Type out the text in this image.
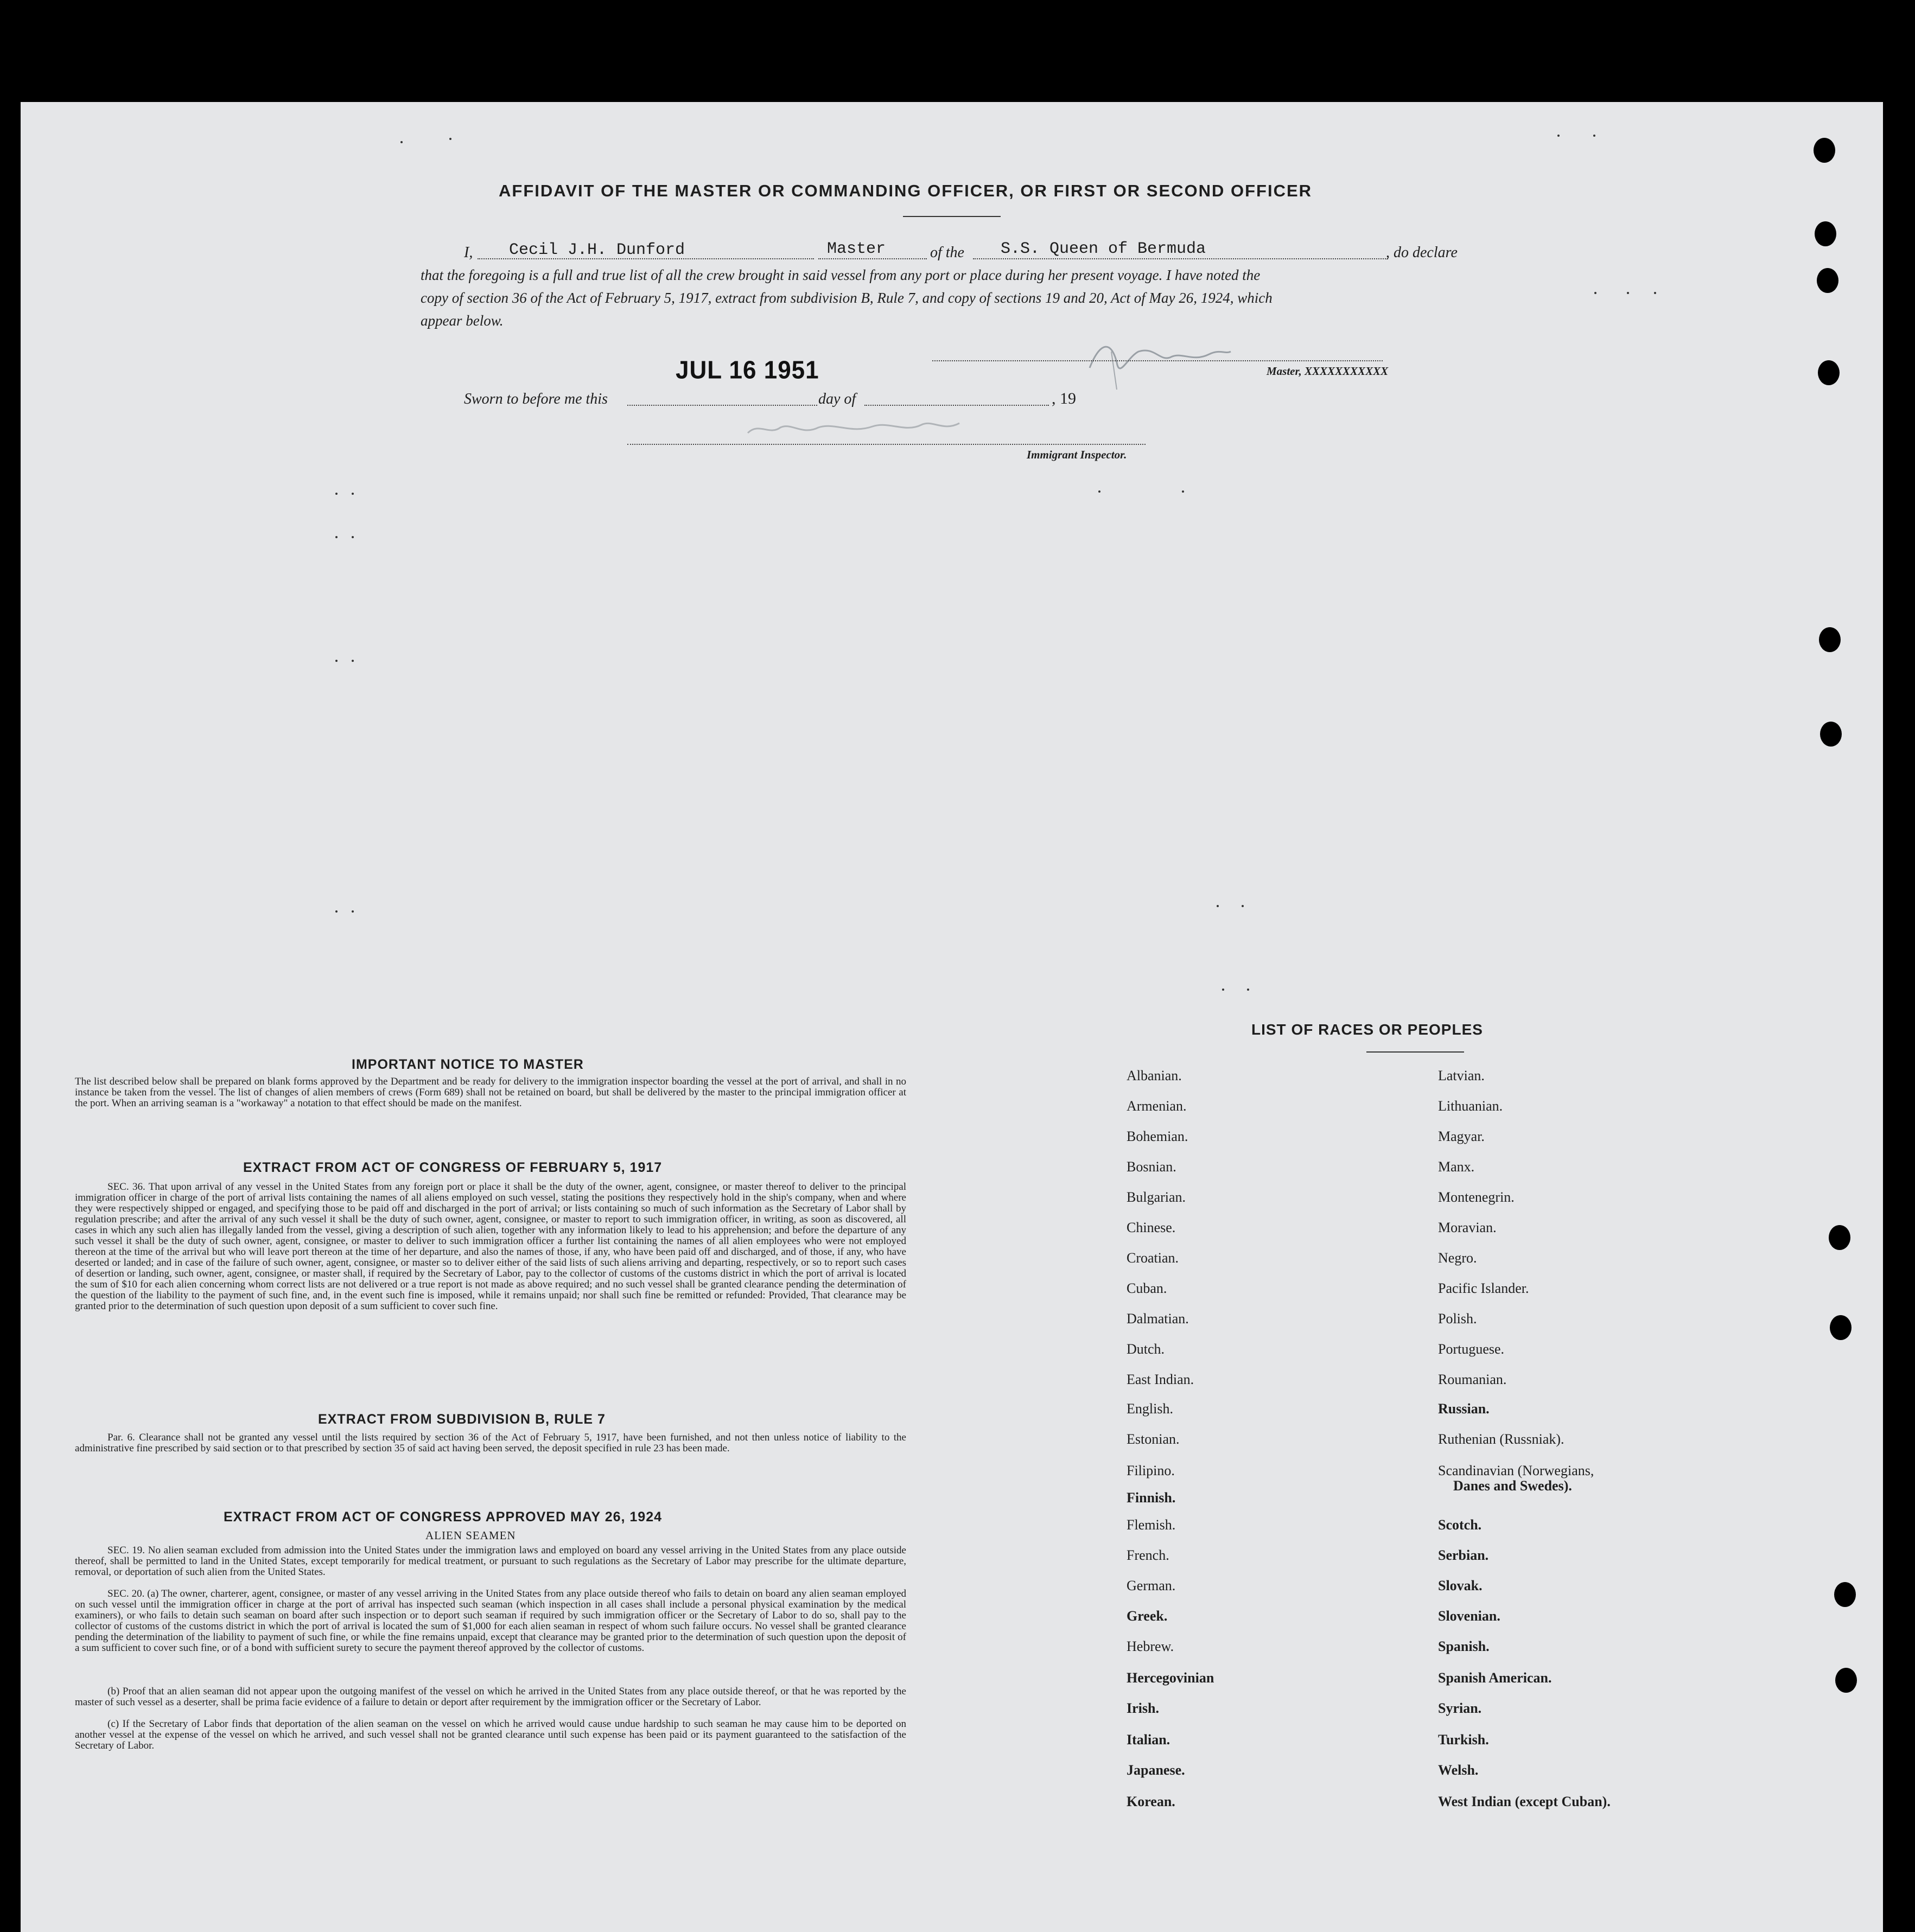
AFFIDAVIT OF THE MASTER OR COMMANDING OFFICER, OR FIRST OR SECOND OFFICER
I, Cecil J.H. Dunford	Master	of the S.S. Queen of Bermuda	, do declare
that the foregoing is a full and true list of all the crew brought in said vessel from any port or place during her present voyage. I have noted the
copy of section 36 of the Act of February 5, 1917, extract from subdivision B, Rule 7, and copy of sections 19 and 20, Act of May 26, 1924, which
appear below.
JUL 16 1951	Master, XXXXXXXXXXX
Sworn to before me this	day of	, 19
Immigrant Inspector.
IMPORTANT NOTICE TO MASTER
The list described below shall be prepared on blank forms approved by the Department and be ready for delivery to the immigration inspector boarding the vessel at the port of arrival, and shall in no instance be taken from the vessel. The list of changes of alien members of crews (Form 689) shall not be retained on board, but shall be delivered by the master to the principal immigration officer at the port. When an arriving seaman is a "workaway" a notation to that effect should be made on the manifest.
EXTRACT FROM ACT OF CONGRESS OF FEBRUARY 5, 1917
SEC. 36. That upon arrival of any vessel in the United States from any foreign port or place it shall be the duty of the owner, agent, consignee, or master thereof to deliver to the principal immigration officer in charge of the port of arrival lists containing the names of all aliens employed on such vessel, stating the positions they respectively hold in the ship's company, when and where they were respectively shipped or engaged, and specifying those to be paid off and discharged in the port of arrival; or lists containing so much of such information as the Secretary of Labor shall by regulation prescribe; and after the arrival of any such vessel it shall be the duty of such owner, agent, consignee, or master to report to such immigration officer, in writing, as soon as discovered, all cases in which any such alien has illegally landed from the vessel, giving a description of such alien, together with any information likely to lead to his apprehension; and before the departure of any such vessel it shall be the duty of such owner, agent, consignee, or master to deliver to such immigration officer a further list containing the names of all alien employees who were not employed thereon at the time of the arrival but who will leave port thereon at the time of her departure, and also the names of those, if any, who have been paid off and discharged, and of those, if any, who have deserted or landed; and in case of the failure of such owner, agent, consignee, or master so to deliver either of the said lists of such aliens arriving and departing, respectively, or so to report such cases of desertion or landing, such owner, agent, consignee, or master shall, if required by the Secretary of Labor, pay to the collector of customs of the customs district in which the port of arrival is located the sum of $10 for each alien concerning whom correct lists are not delivered or a true report is not made as above required; and no such vessel shall be granted clearance pending the determination of the question of the liability to the payment of such fine, and, in the event such fine is imposed, while it remains unpaid; nor shall such fine be remitted or refunded: Provided, That clearance may be granted prior to the determination of such question upon deposit of a sum sufficient to cover such fine.
EXTRACT FROM SUBDIVISION B, RULE 7
Par. 6. Clearance shall not be granted any vessel until the lists required by section 36 of the Act of February 5, 1917, have been furnished, and not then unless notice of liability to the administrative fine prescribed by said section or to that prescribed by section 35 of said act having been served, the deposit specified in rule 23 has been made.
EXTRACT FROM ACT OF CONGRESS APPROVED MAY 26, 1924
ALIEN SEAMEN
SEC. 19. No alien seaman excluded from admission into the United States under the immigration laws and employed on board any vessel arriving in the United States from any place outside thereof, shall be permitted to land in the United States, except temporarily for medical treatment, or pursuant to such regulations as the Secretary of Labor may prescribe for the ultimate departure, removal, or deportation of such alien from the United States.
SEC. 20. (a) The owner, charterer, agent, consignee, or master of any vessel arriving in the United States from any place outside thereof who fails to detain on board any alien seaman employed on such vessel until the immigration officer in charge at the port of arrival has inspected such seaman (which inspection in all cases shall include a personal physical examination by the medical examiners), or who fails to detain such seaman on board after such inspection or to deport such seaman if required by such immigration officer or the Secretary of Labor to do so, shall pay to the collector of customs of the customs district in which the port of arrival is located the sum of $1,000 for each alien seaman in respect of whom such failure occurs. No vessel shall be granted clearance pending the determination of the liability to payment of such fine, or while the fine remains unpaid, except that clearance may be granted prior to the determination of such question upon the deposit of a sum sufficient to cover such fine, or of a bond with sufficient surety to secure the payment thereof approved by the collector of customs.
(b) Proof that an alien seaman did not appear upon the outgoing manifest of the vessel on which he arrived in the United States from any place outside thereof, or that he was reported by the master of such vessel as a deserter, shall be prima facie evidence of a failure to detain or deport after requirement by the immigration officer or the Secretary of Labor.
(c) If the Secretary of Labor finds that deportation of the alien seaman on the vessel on which he arrived would cause undue hardship to such seaman he may cause him to be deported on another vessel at the expense of the vessel on which he arrived, and such vessel shall not be granted clearance until such expense has been paid or its payment guaranteed to the satisfaction of the Secretary of Labor.
LIST OF RACES OR PEOPLES
Albanian.
Armenian.
Bohemian.
Bosnian.
Bulgarian.
Chinese.
Croatian.
Cuban.
Dalmatian.
Dutch.
East Indian.
English.
Estonian.
Filipino.
Finnish.
Flemish.
French.
German.
Greek.
Hebrew.
Hercegovinian
Irish.
Italian.
Japanese.
Korean.
Latvian.
Lithuanian.
Magyar.
Manx.
Montenegrin.
Moravian.
Negro.
Pacific Islander.
Polish.
Portuguese.
Roumanian.
Russian.
Ruthenian (Russniak).
Scandinavian (Norwegians,
Danes and Swedes).
Scotch.
Serbian.
Slovak.
Slovenian.
Spanish.
Spanish American.
Syrian.
Turkish.
Welsh.
West Indian (except Cuban).
